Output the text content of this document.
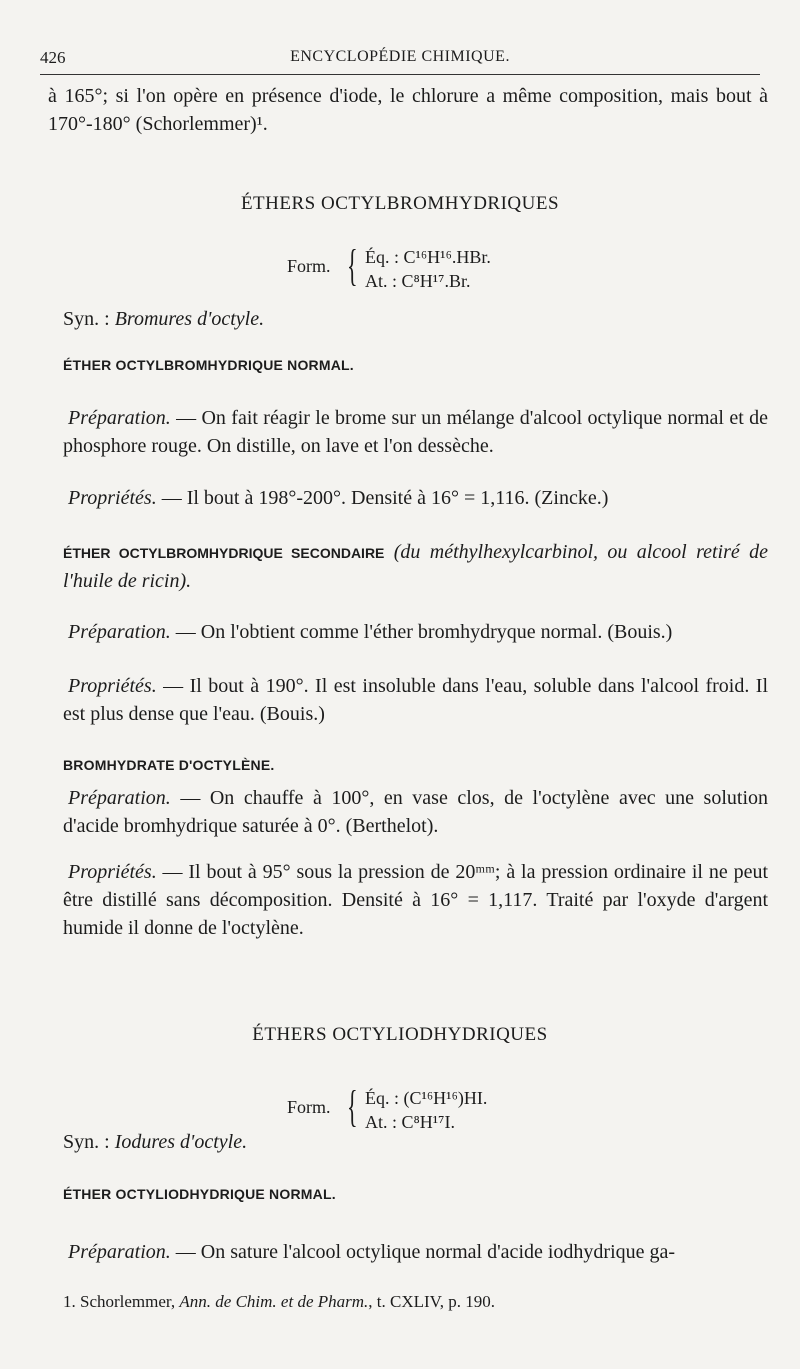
426	ENCYCLOPÉDIE CHIMIQUE.
à 165°; si l'on opère en présence d'iode, le chlorure a même composition, mais bout à 170°-180° (Schorlemmer)¹.
ÉTHERS OCTYLBROMHYDRIQUES
Form. { Éq. : C¹⁶H¹⁶.HBr.
At. : C⁸H¹⁷.Br.
Syn. : Bromures d'octyle.
ÉTHER OCTYLBROMHYDRIQUE NORMAL.
Préparation. — On fait réagir le brome sur un mélange d'alcool octylique normal et de phosphore rouge. On distille, on lave et l'on dessèche.
Propriétés. — Il bout à 198°-200°. Densité à 16° = 1,116. (Zincke.)
ÉTHER OCTYLBROMHYDRIQUE SECONDAIRE (du méthylhexylcarbinol, ou alcool retiré de l'huile de ricin).
Préparation. — On l'obtient comme l'éther bromhydryque normal. (Bouis.)
Propriétés. — Il bout à 190°. Il est insoluble dans l'eau, soluble dans l'alcool froid. Il est plus dense que l'eau. (Bouis.)
BROMHYDRATE D'OCTYLÈNE.
Préparation. — On chauffe à 100°, en vase clos, de l'octylène avec une solution d'acide bromhydrique saturée à 0°. (Berthelot).
Propriétés. — Il bout à 95° sous la pression de 20ᵐᵐ; à la pression ordinaire il ne peut être distillé sans décomposition. Densité à 16° = 1,117. Traité par l'oxyde d'argent humide il donne de l'octylène.
ÉTHERS OCTYLIODHYDRIQUES
Form. { Éq. : (C¹⁶H¹⁶)HI.
At. : C⁸H¹⁷I.
Syn. : Iodures d'octyle.
ÉTHER OCTYLIODHYDRIQUE NORMAL.
Préparation. — On sature l'alcool octylique normal d'acide iodhydrique ga-
1. Schorlemmer, Ann. de Chim. et de Pharm., t. CXLIV, p. 190.
